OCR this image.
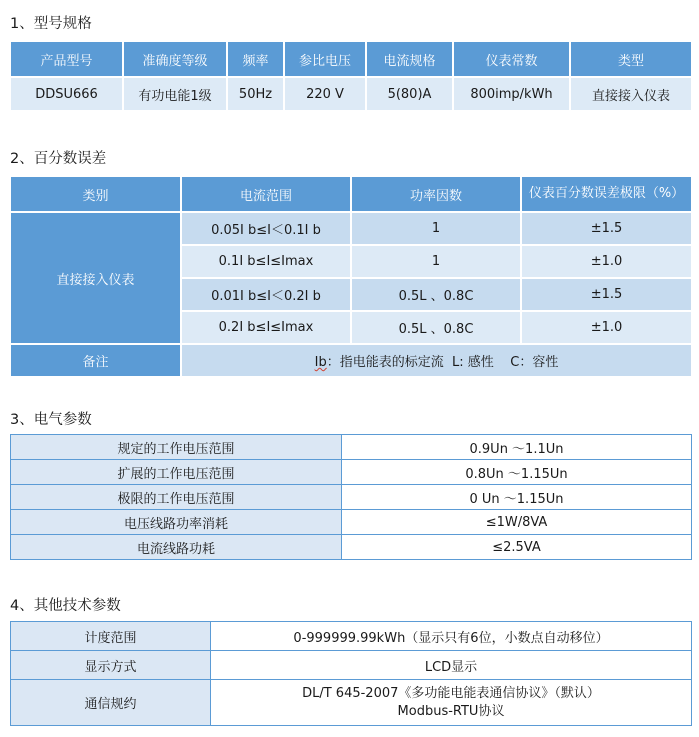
1、型号规格
产品型号	准确度等级	频率	参比电压	电流规格	仪表常数	类型
DDSU666	有功电能1级	50Hz	220 V	5(80)A	800imp/kWh	直接接入仪表
2、百分数误差
类别	电流范围	功率因数	仪表百分数误差极限（%）
直接接入仪表	0.05I b≤I＜0.1I b	1	±1.5
	0.1I b≤I≤Imax	1	±1.0
	0.01I b≤I＜0.2I b	0.5L 、0.8C	±1.5
	0.2I b≤I≤Imax	0.5L 、0.8C	±1.0
备注	Ib：指电能表的标定流  L: 感性    C：容性		
3、电气参数
规定的工作电压范围	0.9Un ～1.1Un
扩展的工作电压范围	0.8Un ～1.15Un
极限的工作电压范围	0 Un ～1.15Un
电压线路功率消耗	≤1W/8VA
电流线路功耗	≤2.5VA
4、其他技术参数
计度范围	0-999999.99kWh（显示只有6位，小数点自动移位）
显示方式	LCD显示
通信规约	DL/T 645-2007《多功能电能表通信协议》（默认）
Modbus-RTU协议
